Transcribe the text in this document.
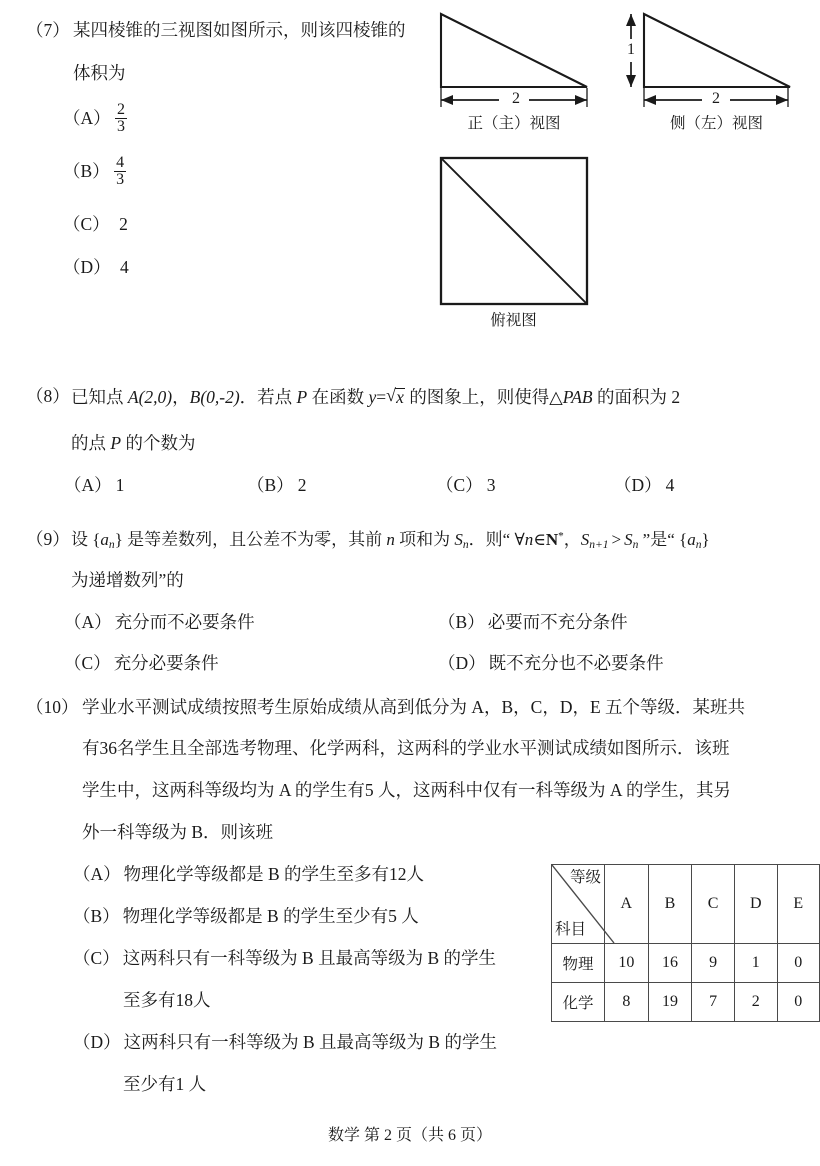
（7） 某四棱锥的三视图如图所示，则该四棱锥的
体积为
$(A) \frac{2}{3}$
$(B) \frac{4}{3}$
（C） 2
（D） 4
2
正（主）视图
1
2
侧（左）视图
俯视图
（8） 已知点 A(2,0)，B(0,-2)．若点 P 在函数 y= √ x 的图象上，则使得△PAB 的面积为 2
的点 P 的个数为
（A） 1	（B） 2	（C） 3	（D） 4
（9） 设 $\{a_n\}$ 是等差数列，且公差不为零，其前 n 项和为 $S_n$．则“ ∀n∈N*，$S_{n+1} > S_n$ ”是“ $\{a_n\}$
为递增数列”的
（A） 充分而不必要条件	（B） 必要而不充分条件
（C） 充分必要条件	（D） 既不充分也不必要条件
（10） 学业水平测试成绩按照考生原始成绩从高到低分为 A，B，C，D，E 五个等级．某班共
有36名学生且全部选考物理、化学两科，这两科的学业水平测试成绩如图所示．该班
学生中，这两科等级均为 A 的学生有5 人，这两科中仅有一科等级为 A 的学生，其另
外一科等级为 B．则该班
（A） 物理化学等级都是 B 的学生至多有12人
（B） 物理化学等级都是 B 的学生至少有5 人
（C） 这两科只有一科等级为 B 且最高等级为 B 的学生
至多有18人
（D） 这两科只有一科等级为 B 且最高等级为 B 的学生
至少有1 人
等级
科目	A	B	C	D	E
物理	10	16	9	1	0
化学	8	19	7	2	0
数学 第 2 页（共 6 页）
